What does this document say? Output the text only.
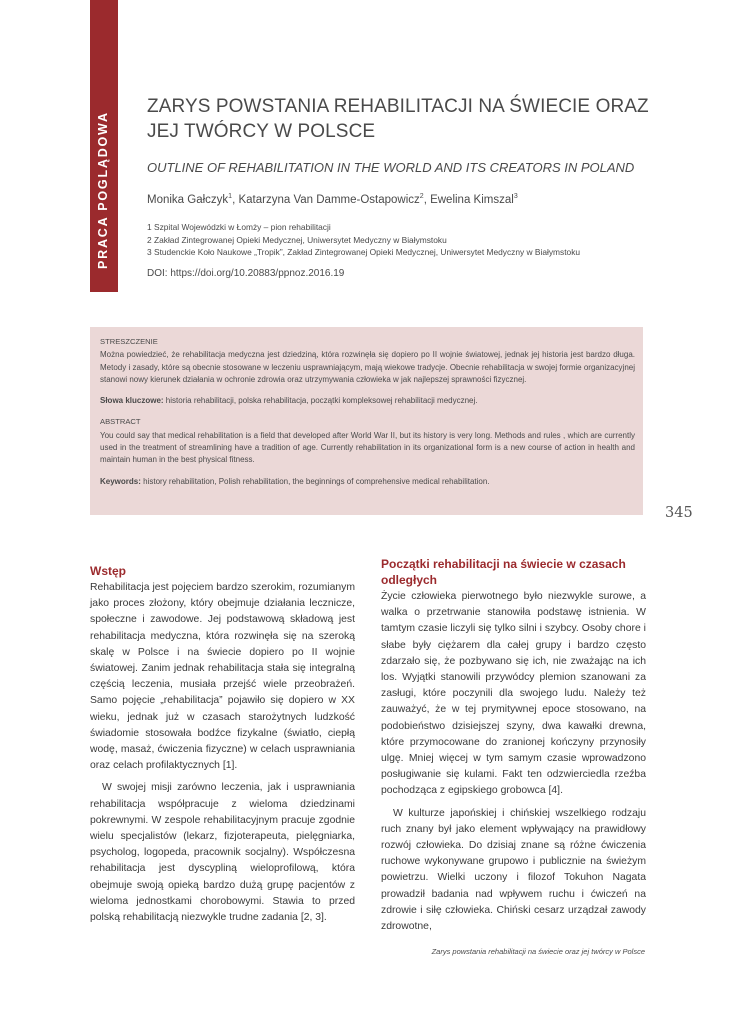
PRACA POGLĄDOWA
ZARYS POWSTANIA REHABILITACJI NA ŚWIECIE ORAZ JEJ TWÓRCY W POLSCE
OUTLINE OF REHABILITATION IN THE WORLD AND ITS CREATORS IN POLAND
Monika Gałczyk$^1$, Katarzyna Van Damme-Ostapowicz$^2$, Ewelina Kimszal$^3$
1 Szpital Wojewódzki w Łomży – pion rehabilitacji
2 Zakład Zintegrowanej Opieki Medycznej, Uniwersytet Medyczny w Białymstoku
3 Studenckie Koło Naukowe „Tropik”, Zakład Zintegrowanej Opieki Medycznej, Uniwersytet Medyczny w Białymstoku
DOI: https://doi.org/10.20883/ppnoz.2016.19
STRESZCZENIE

Można powiedzieć, że rehabilitacja medyczna jest dziedziną, która rozwinęła się dopiero po II wojnie światowej, jednak jej historia jest bardzo długa. Metody i zasady, które są obecnie stosowane w leczeniu usprawniającym, mają wiekowe tradycje. Obecnie rehabilitacja w swojej formie organizacyjnej stanowi nowy kierunek działania w ochronie zdrowia oraz utrzymywania człowieka w jak najlepszej sprawności fizycznej.

Słowa kluczowe: historia rehabilitacji, polska rehabilitacja, początki kompleksowej rehabilitacji medycznej.

ABSTRACT

You could say that medical rehabilitation is a field that developed after World War II, but its history is very long. Methods and rules , which are currently used in the treatment of streamlining have a tradition of age. Currently rehabilitation in its organizational form is a new course of action in health and maintain human in the best physical fitness.

Keywords: history rehabilitation, Polish rehabilitation, the beginnings of comprehensive medical rehabilitation.

345
Wstęp

Rehabilitacja jest pojęciem bardzo szerokim, rozumianym jako proces złożony, który obejmuje działania lecznicze, społeczne i zawodowe. Jej podstawową składową jest rehabilitacja medyczna, która rozwinęła się na szeroką skalę w Polsce i na świecie dopiero po II wojnie światowej. Zanim jednak rehabilitacja stała się integralną częścią leczenia, musiała przejść wiele przeobrażeń. Samo pojęcie „rehabilitacja” pojawiło się dopiero w XX wieku, jednak już w czasach starożytnych ludzkość świadomie stosowała bodźce fizykalne (światło, ciepłą wodę, masaż, ćwiczenia fizyczne) w celach usprawniania oraz celach profilaktycznych [1].

W swojej misji zarówno leczenia, jak i usprawniania rehabilitacja współpracuje z wieloma dziedzinami pokrewnymi. W zespole rehabilitacyjnym pracuje zgodnie wielu specjalistów (lekarz, fizjoterapeuta, pielęgniarka, psycholog, logopeda, pracownik socjalny). Współczesna rehabilitacja jest dyscypliną wieloprofilową, która obejmuje swoją opieką bardzo dużą grupę pacjentów z wieloma jednostkami chorobowymi. Stawia to przed polską rehabilitacją niezwykle trudne zadania [2, 3].

Początki rehabilitacji na świecie w czasach odległych

Życie człowieka pierwotnego było niezwykle surowe, a walka o przetrwanie stanowiła podstawę istnienia. W tamtym czasie liczyli się tylko silni i szybcy. Osoby chore i słabe były ciężarem dla całej grupy i bardzo często zdarzało się, że pozbywano się ich, nie zważając na ich los. Wyjątki stanowili przywódcy plemion szanowani za zasługi, które poczynili dla swojego ludu. Należy też zauważyć, że w tej prymitywnej epoce stosowano, na podobieństwo dzisiejszej szyny, dwa kawałki drewna, które przymocowane do zranionej kończyny przynosiły ulgę. Mniej więcej w tym samym czasie wprowadzono posługiwanie się kulami. Fakt ten odzwierciedla rzeźba pochodząca z egipskiego grobowca [4].

W kulturze japońskiej i chińskiej wszelkiego rodzaju ruch znany był jako element wpływający na prawidłowy rozwój człowieka. Do dzisiaj znane są różne ćwiczenia ruchowe wykonywane grupowo i publicznie na świeżym powietrzu. Wielki uczony i filozof Tokuhon Nagata prowadził badania nad wpływem ruchu i ćwiczeń na zdrowie i siłę człowieka. Chiński cesarz urządzał zawody zdrowotne,

Zarys powstania rehabilitacji na świecie oraz jej twórcy w Polsce
